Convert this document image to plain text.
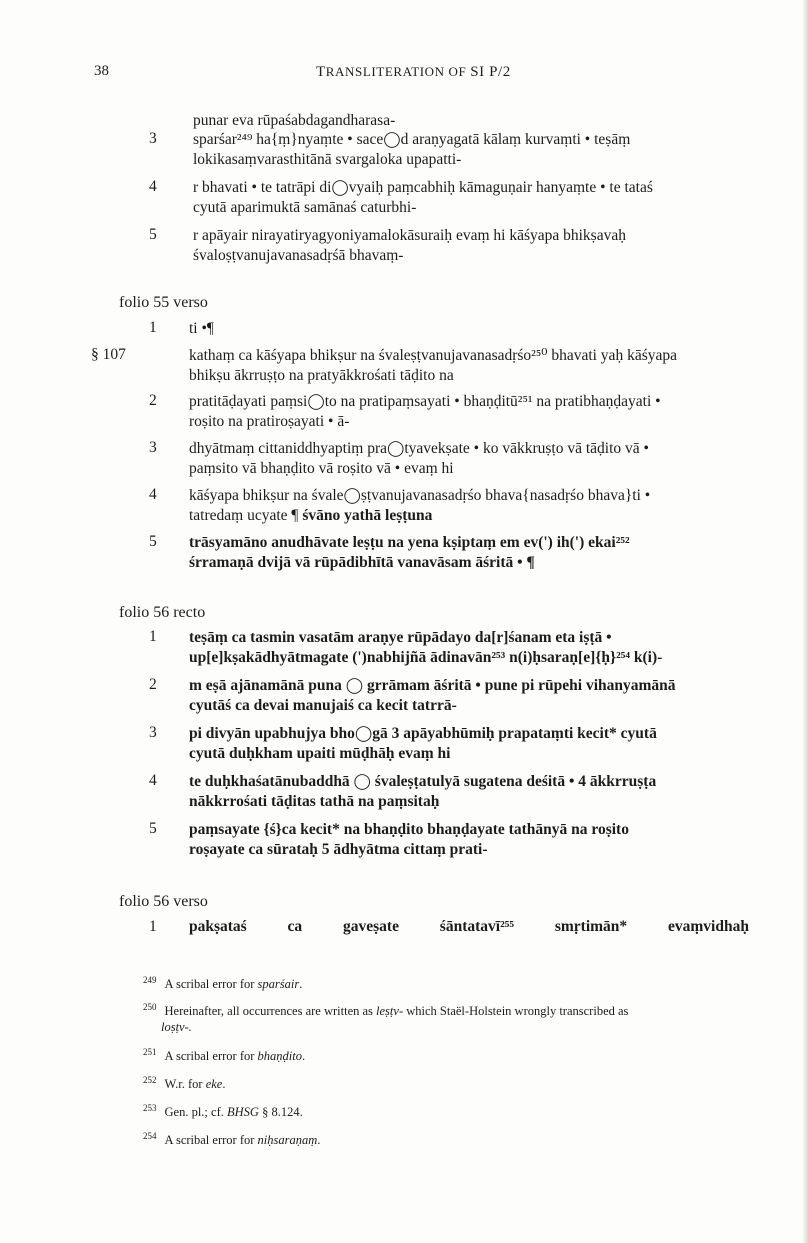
38	TRANSLITERATION OF SI P/2
punar eva rūpaśabdagandharasa-
3 sparśar²⁴⁹ ha{ṃ}nyaṃte • sace◯d araṇyagatā kālaṃ kurvaṃti • teṣāṃ
lokikasaṃvarasthitānā svargaloka upapatti-
4 r bhavati • te tatrāpi di◯vyaiḥ paṃcabhiḥ kāmaguṇair hanyaṃte • te tataś
cyutā aparimuktā samānaś caturbhi-
5 r apāyair nirayatiryagyoniyamalokāsuraiḥ evaṃ hi kāśyapa bhikṣavaḥ
śvaloṣṭvanujavanasadṛśā bhavaṃ-
folio 55 verso
1 ti •¶
§ 107	kathaṃ ca kāśyapa bhikṣur na śvaleṣṭvanujavanasadṛśo²⁵⁰ bhavati yaḥ kāśyapa
bhikṣu ākrruṣṭo na pratyākkrośati tāḍito na
2 pratitāḍayati paṃsi◯to na pratipaṃsayati • bhaṇḍitū²⁵¹ na pratibhaṇḍayati •
roṣito na pratiroṣayati • ā-
3 dhyātmaṃ cittaniddhyaptiṃ pra◯tyavekṣate • ko vākkruṣṭo vā tāḍito vā •
paṃsito vā bhaṇḍito vā roṣito vā • evaṃ hi
4 kāśyapa bhikṣur na śvale◯ṣṭvanujavanasadṛśo bhava{nasadṛśo bhava}ti •
tatredaṃ ucyate ¶ śvāno yathā leṣṭuna
5 trāsyamāno anudhāvate leṣṭu na yena kṣiptaṃ em ev(') ih(') ekai²⁵²
śrramaṇā dvijā vā rūpādibhītā vanavāsam āśritā • ¶
folio 56 recto
1 teṣāṃ ca tasmin vasatām araṇye rūpādayo da[r]śanam eta iṣṭā •
up[e]kṣakādhyātmagate (')nabhijñā ādinavān²⁵³ n(i)ḥsaraṇ[e]{ḥ}²⁵⁴ k(i)-
2 m eṣā ajānamānā puna ◯ grrāmam āśritā • pune pi rūpehi vihanyamānā
cyutāś ca devai manujaiś ca kecit tatrrā-
3 pi divyān upabhujya bho◯gā 3 apāyabhūmiḥ prapataṃti kecit* cyutā
cyutā duḥkham upaiti mūḍhāḥ evaṃ hi
4 te duḥkhaśatānubaddhā ◯ śvaleṣṭatulyā sugatena deśitā • 4 ākkrruṣṭa
nākkrrośati tāḍitas tathā na paṃsitaḥ
5 paṃsayate {ś}ca kecit* na bhaṇḍito bhaṇḍayate tathānyā na roṣito
roṣayate ca sūrataḥ 5 ādhyātma cittaṃ prati-
folio 56 verso
1 pakṣataś	ca	gaveṣate	śāntatavī²⁵⁵	smṛtimān*	evaṃvidhaḥ
$^{249}$ A scribal error for sparśair.
$^{250}$ Hereinafter, all occurrences are written as leṣṭv- which Staël-Holstein wrongly transcribed as
loṣṭv-.
$^{251}$ A scribal error for bhaṇḍito.
$^{252}$ W.r. for eke.
$^{253}$ Gen. pl.; cf. BHSG § 8.124.
$^{254}$ A scribal error for niḥsaraṇaṃ.
